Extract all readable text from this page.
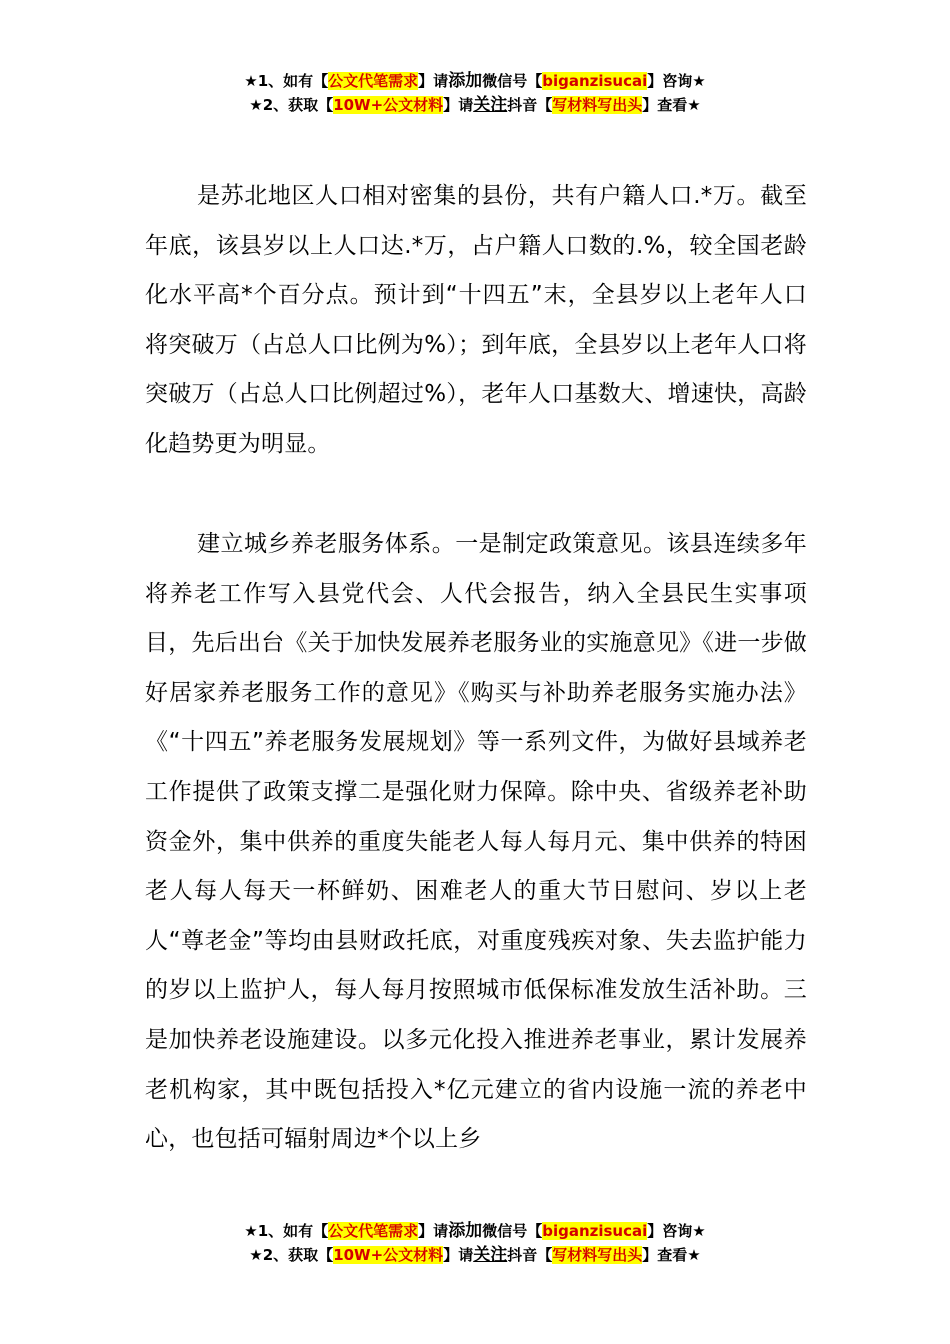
★1、如有【公文代笔需求】请添加微信号【biganzisucai】咨询★
★2、获取【10W+公文材料】请关注抖音【写材料写出头】查看★
是苏北地区人口相对密集的县份，共有户籍人口.*万。截至年底，该县岁以上人口达.*万，占户籍人口数的.%，较全国老龄化水平高*个百分点。预计到“十四五”末，全县岁以上老年人口将突破万（占总人口比例为%）；到年底，全县岁以上老年人口将突破万（占总人口比例超过%），老年人口基数大、增速快，高龄化趋势更为明显。
建立城乡养老服务体系。一是制定政策意见。该县连续多年将养老工作写入县党代会、人代会报告，纳入全县民生实事项目，先后出台《关于加快发展养老服务业的实施意见》《进一步做好居家养老服务工作的意见》《购买与补助养老服务实施办法》《“十四五”养老服务发展规划》等一系列文件，为做好县域养老工作提供了政策支撑二是强化财力保障。除中央、省级养老补助资金外，集中供养的重度失能老人每人每月元、集中供养的特困老人每人每天一杯鲜奶、困难老人的重大节日慰问、岁以上老人“尊老金”等均由县财政托底，对重度残疾对象、失去监护能力的岁以上监护人，每人每月按照城市低保标准发放生活补助。三是加快养老设施建设。以多元化投入推进养老事业，累计发展养老机构家，其中既包括投入*亿元建立的省内设施一流的养老中心，也包括可辐射周边*个以上乡
★1、如有【公文代笔需求】请添加微信号【biganzisucai】咨询★
★2、获取【10W+公文材料】请关注抖音【写材料写出头】查看★
